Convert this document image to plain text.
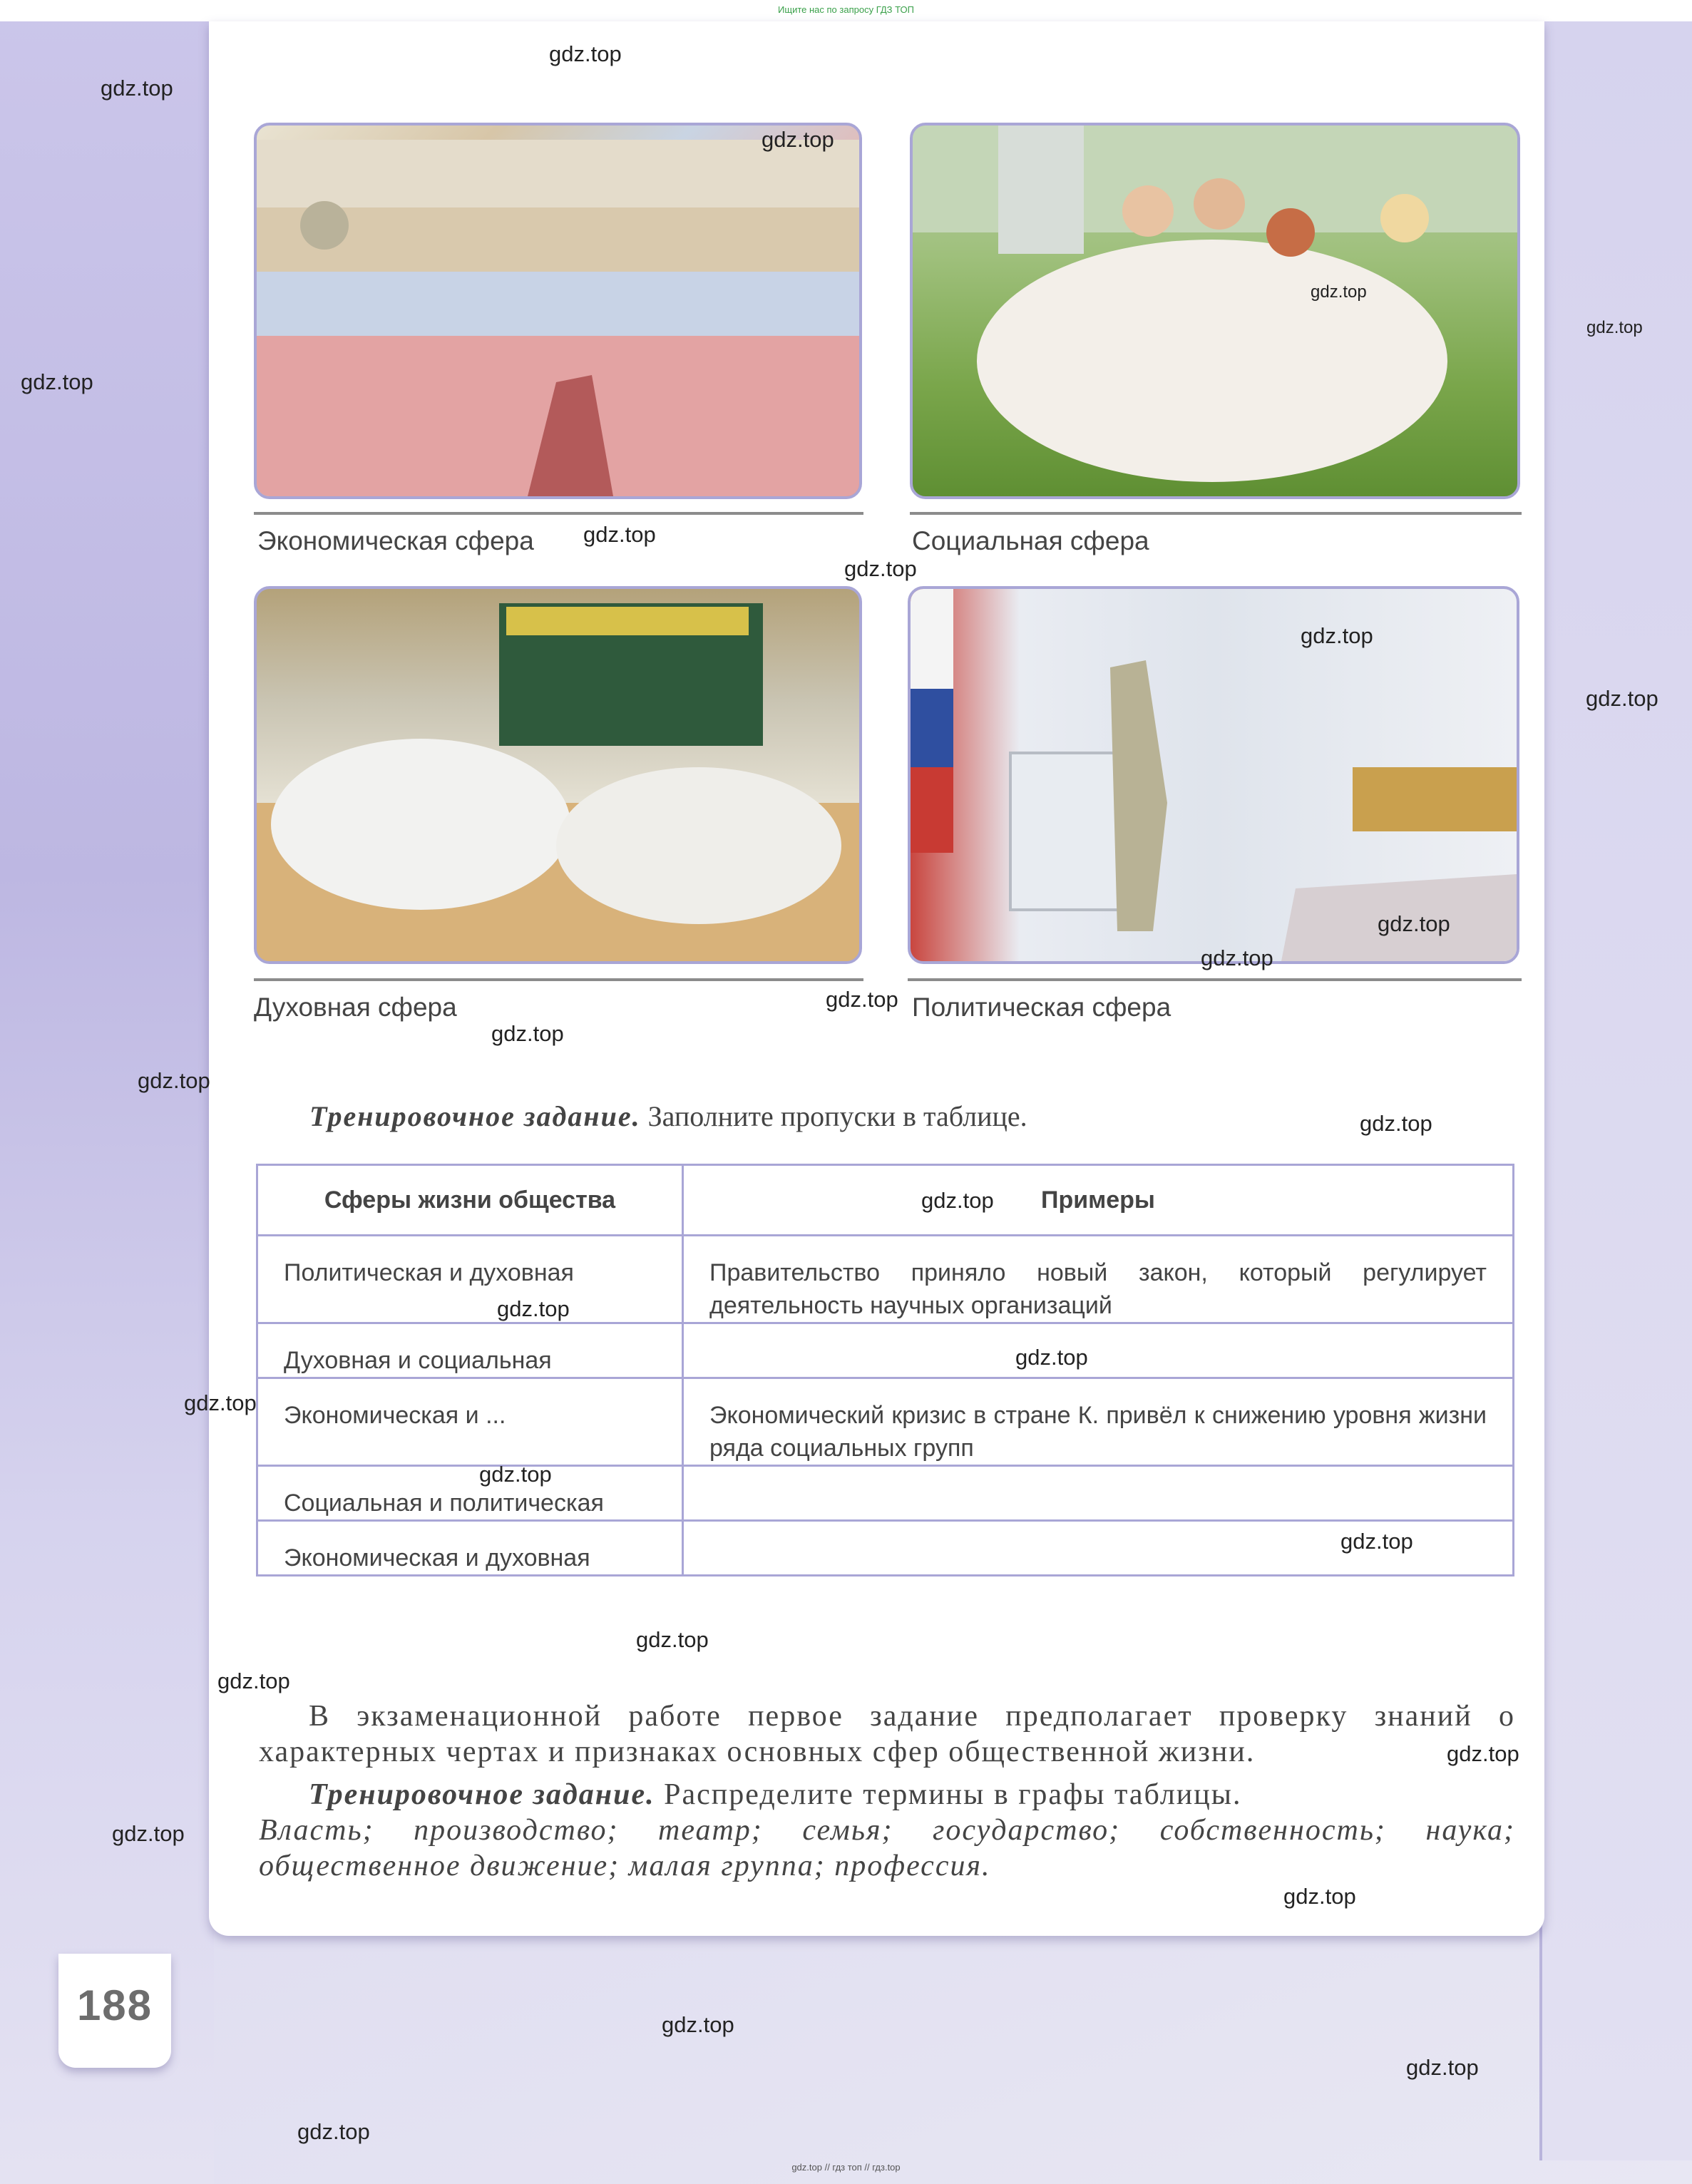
Ищите нас по запросу ГДЗ ТОП
Экономическая сфера	Социальная сфера
Духовная сфера	Политическая сфера
Тренировочное задание. Заполните пропуски в таблице.
Сферы жизни общества	Примеры
Политическая и духовная	Правительство приняло новый закон, который регулирует деятельность научных организаций
Духовная и социальная	
Экономическая и ...	Экономический кризис в стране К. привёл к снижению уровня жизни ряда социальных групп
Социальная и политическая	
Экономическая и духовная	
В экзаменационной работе первое задание предполагает проверку знаний о характерных чертах и признаках основных сфер общественной жизни.
Тренировочное задание. Распределите термины в графы таблицы.
Власть; производство; театр; семья; государство; собственность; наука; общественное движение; малая группа; профессия.
188
gdz.top
gdz.top
gdz.top
gdz.top
gdz.top
gdz.top
gdz.top
gdz.top
gdz.top
gdz.top
gdz.top
gdz.top
gdz.top
gdz.top
gdz.top
gdz.top
gdz.top
gdz.top
gdz.top
gdz.top
gdz.top
gdz.top
gdz.top
gdz.top
gdz.top
gdz.top
gdz.top
gdz.top
gdz.top
gdz.top
gdz.top // гдз топ // гдз.top
